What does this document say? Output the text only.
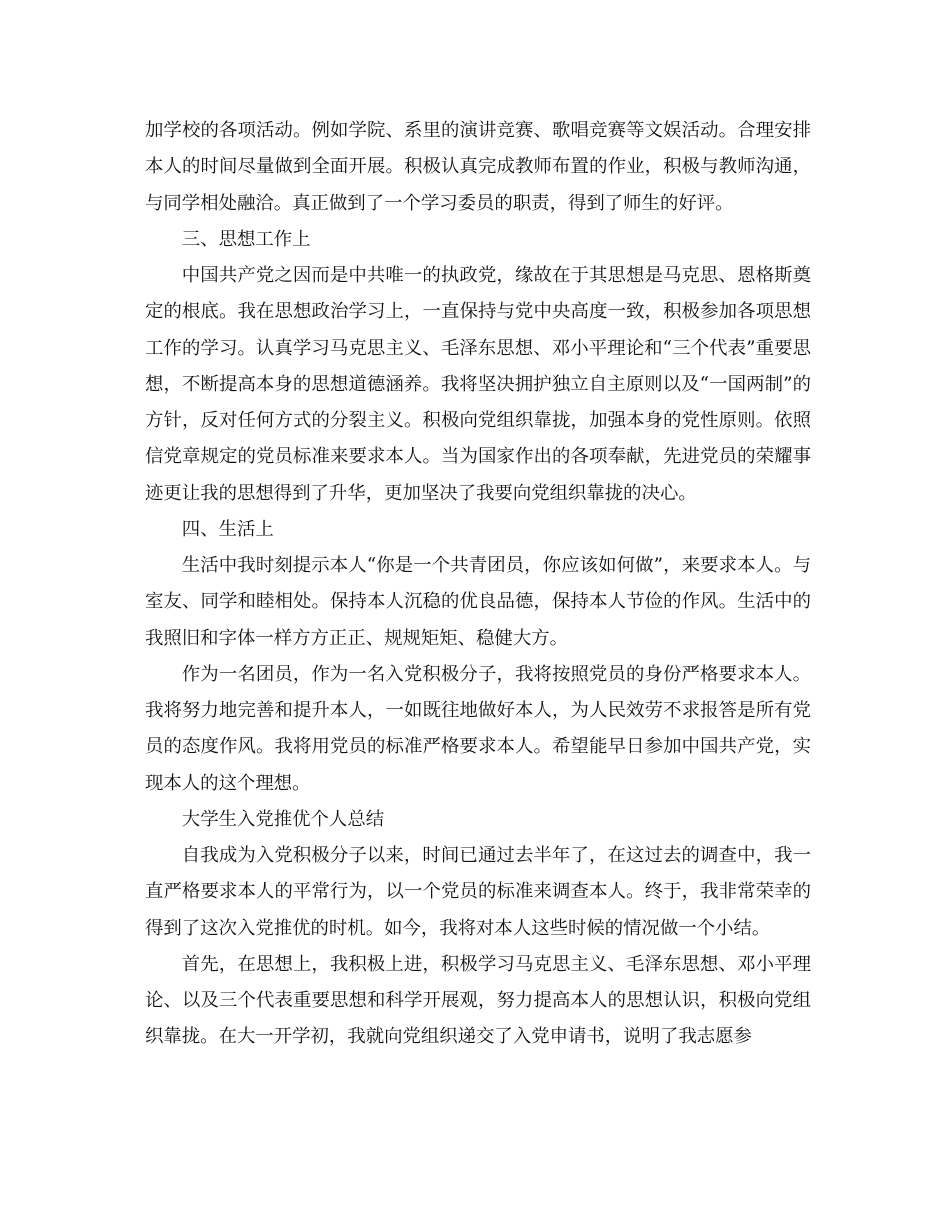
加学校的各项活动。例如学院、系里的演讲竞赛、歌唱竞赛等文娱活动。合理安排本人的时间尽量做到全面开展。积极认真完成教师布置的作业，积极与教师沟通，与同学相处融洽。真正做到了一个学习委员的职责，得到了师生的好评。

三、思想工作上

中国共产党之因而是中共唯一的执政党，缘故在于其思想是马克思、恩格斯奠定的根底。我在思想政治学习上，一直保持与党中央高度一致，积极参加各项思想工作的学习。认真学习马克思主义、毛泽东思想、邓小平理论和“三个代表”重要思想，不断提高本身的思想道德涵养。我将坚决拥护独立自主原则以及“一国两制”的方针，反对任何方式的分裂主义。积极向党组织靠拢，加强本身的党性原则。依照信党章规定的党员标准来要求本人。当为国家作出的各项奉献，先进党员的荣耀事迹更让我的思想得到了升华，更加坚决了我要向党组织靠拢的决心。

四、生活上

生活中我时刻提示本人“你是一个共青团员，你应该如何做”，来要求本人。与室友、同学和睦相处。保持本人沉稳的优良品德，保持本人节俭的作风。生活中的我照旧和字体一样方方正正、规规矩矩、稳健大方。

作为一名团员，作为一名入党积极分子，我将按照党员的身份严格要求本人。我将努力地完善和提升本人，一如既往地做好本人，为人民效劳不求报答是所有党员的态度作风。我将用党员的标准严格要求本人。希望能早日参加中国共产党，实现本人的这个理想。

大学生入党推优个人总结

自我成为入党积极分子以来，时间已通过去半年了，在这过去的调查中，我一直严格要求本人的平常行为，以一个党员的标准来调查本人。终于，我非常荣幸的得到了这次入党推优的时机。如今，我将对本人这些时候的情况做一个小结。

首先，在思想上，我积极上进，积极学习马克思主义、毛泽东思想、邓小平理论、以及三个代表重要思想和科学开展观，努力提高本人的思想认识，积极向党组织靠拢。在大一开学初，我就向党组织递交了入党申请书，说明了我志愿参
